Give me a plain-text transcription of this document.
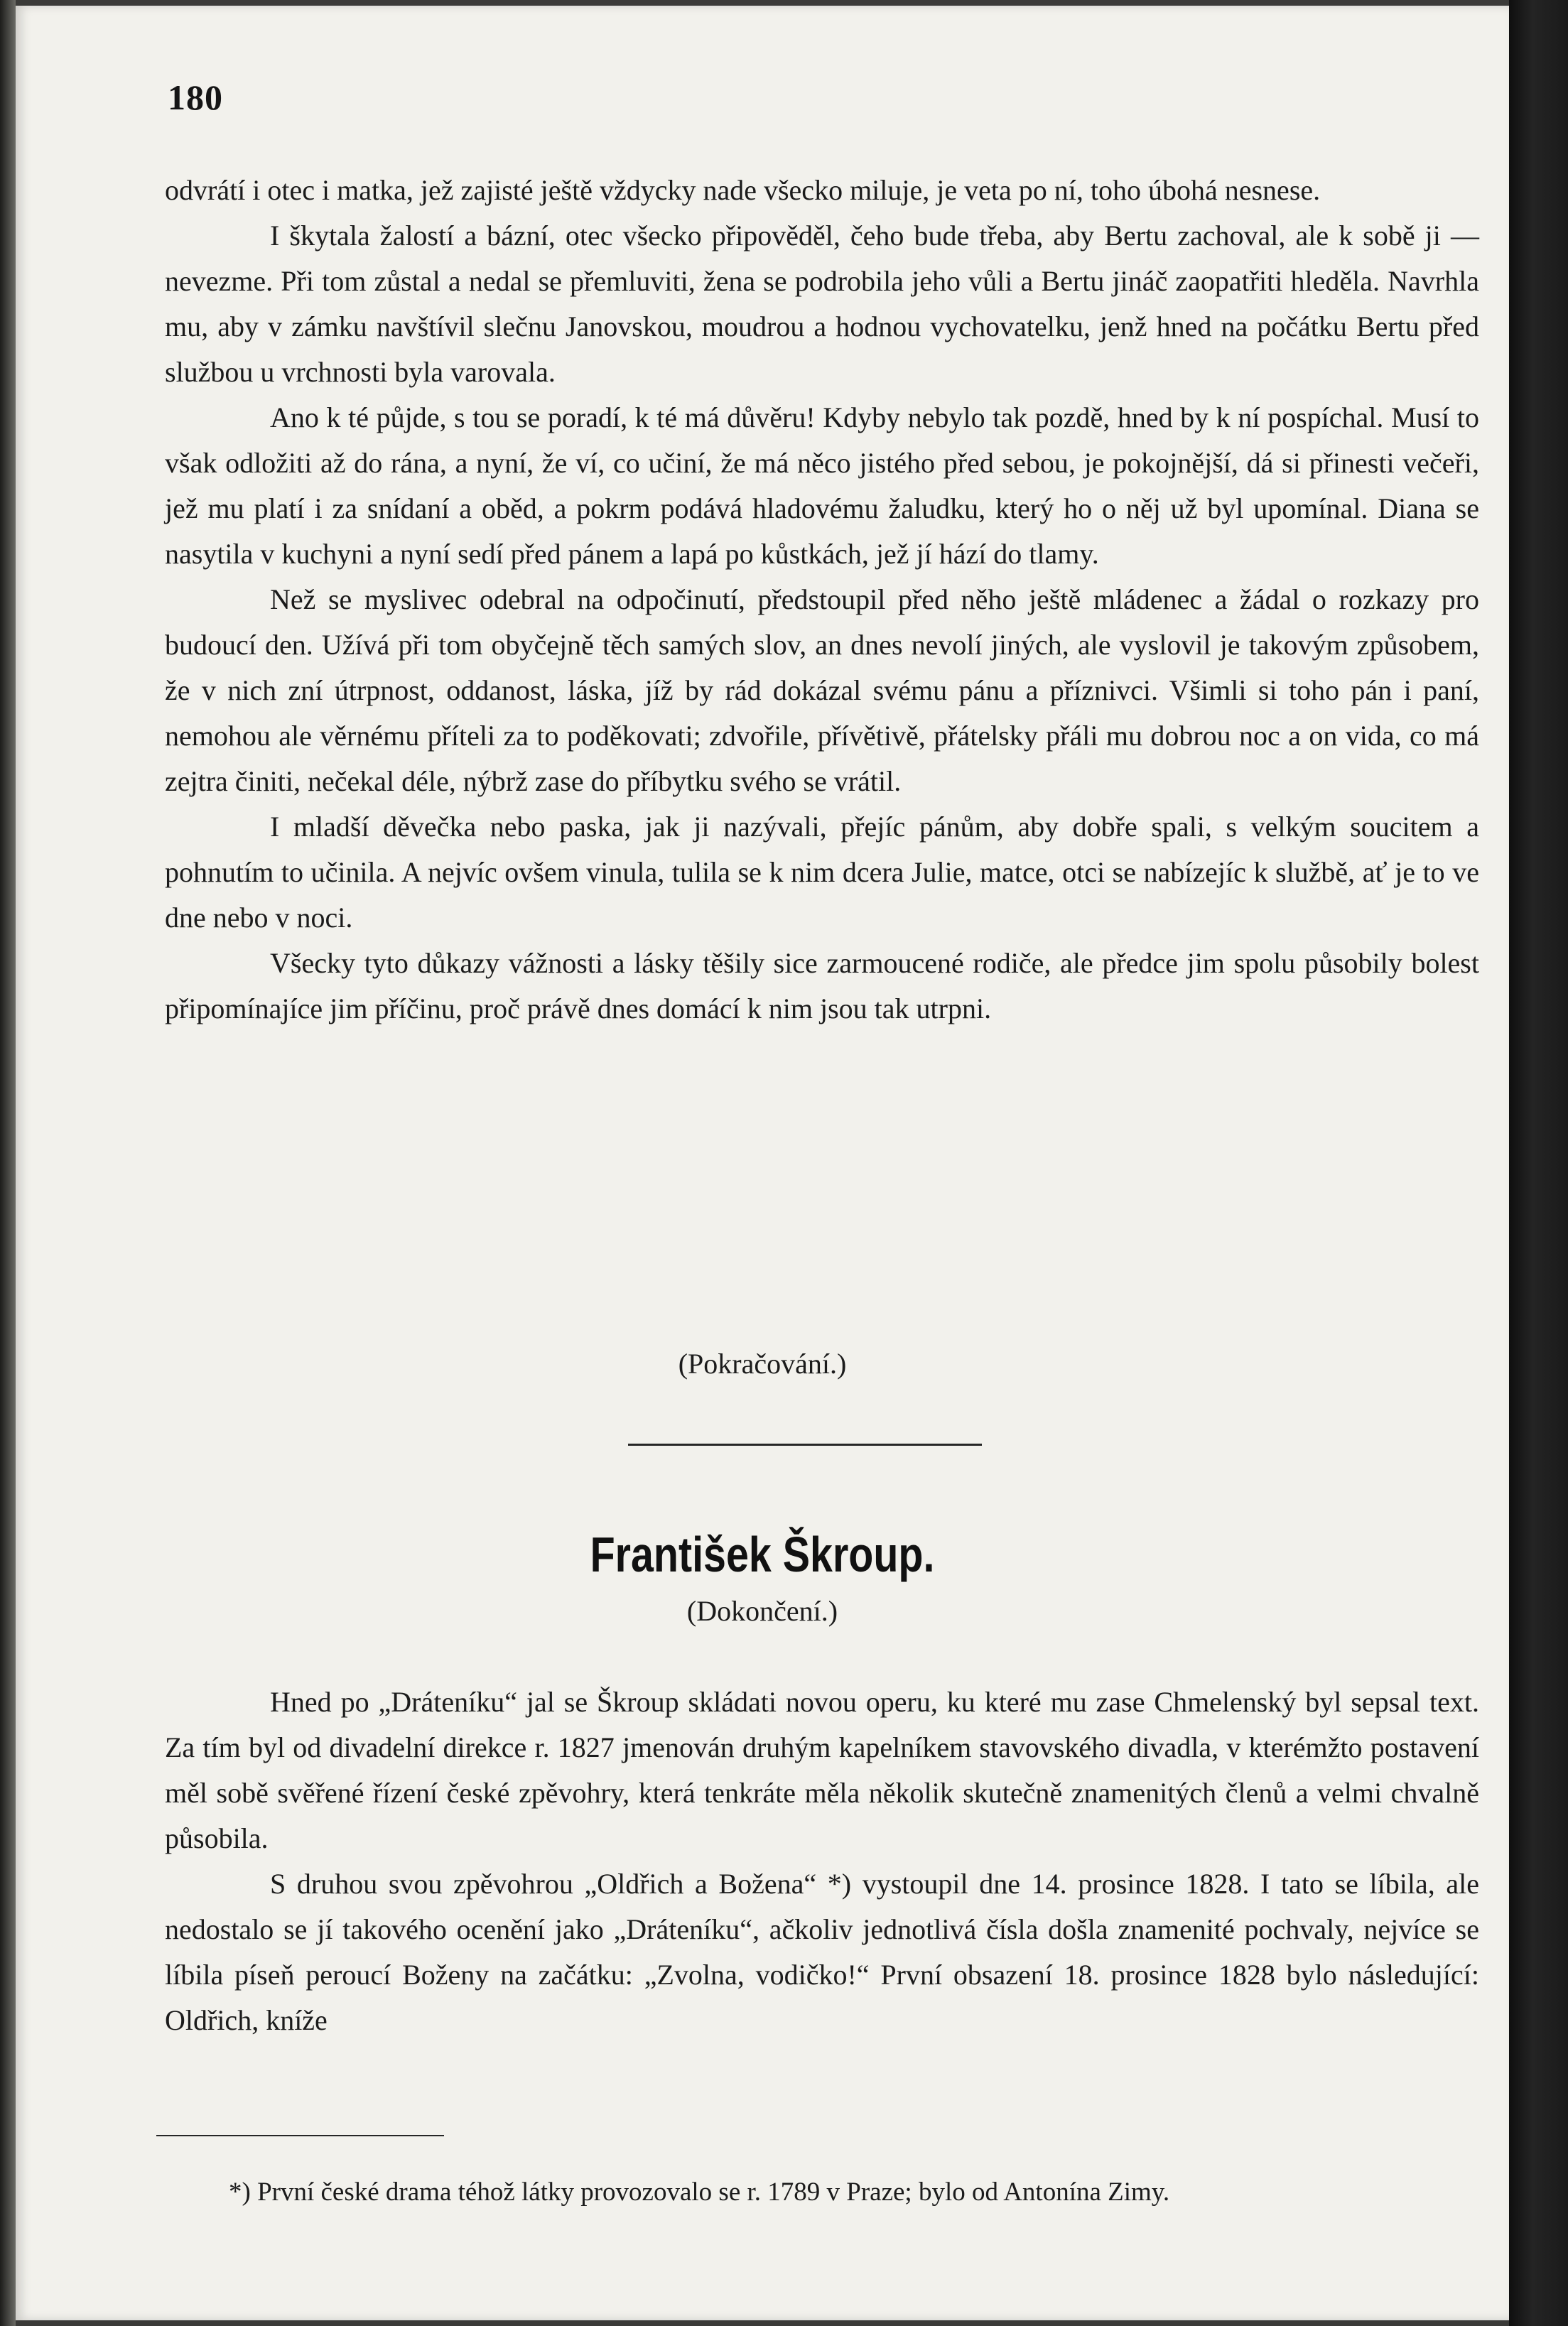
180

odvrátí i otec i matka, jež zajisté ještě vždycky nade všecko miluje, je veta po ní, toho úbohá nesnese.

I škytala žalostí a bázní, otec všecko připověděl, čeho bude třeba, aby Bertu zachoval, ale k sobě ji — nevezme. Při tom zůstal a nedal se přemluviti, žena se podrobila jeho vůli a Bertu jináč zaopatřiti hleděla. Navrhla mu, aby v zámku navštívil slečnu Janovskou, moudrou a hodnou vychovatelku, jenž hned na počátku Bertu před službou u vrchnosti byla varovala.

Ano k té půjde, s tou se poradí, k té má důvěru! Kdyby nebylo tak pozdě, hned by k ní pospíchal. Musí to však odložiti až do rána, a nyní, že ví, co učiní, že má něco jistého před sebou, je pokojnější, dá si přinesti večeři, jež mu platí i za snídaní a oběd, a pokrm podává hladovému žaludku, který ho o něj už byl upomínal. Diana se nasytila v kuchyni a nyní sedí před pánem a lapá po kůstkách, jež jí hází do tlamy.

Než se myslivec odebral na odpočinutí, předstoupil před něho ještě mládenec a žádal o rozkazy pro budoucí den. Užívá při tom obyčejně těch samých slov, an dnes nevolí jiných, ale vyslovil je takovým způsobem, že v nich zní útrpnost, oddanost, láska, jíž by rád dokázal svému pánu a příznivci. Všimli si toho pán i paní, nemohou ale věrnému příteli za to poděkovati; zdvořile, přívětivě, přátelsky přáli mu dobrou noc a on vida, co má zejtra činiti, nečekal déle, nýbrž zase do příbytku svého se vrátil.

I mladší děvečka nebo paska, jak ji nazývali, přejíc pánům, aby dobře spali, s velkým soucitem a pohnutím to učinila. A nejvíc ovšem vinula, tulila se k nim dcera Julie, matce, otci se nabízejíc k službě, ať je to ve dne nebo v noci.

Všecky tyto důkazy vážnosti a lásky těšily sice zarmoucené rodiče, ale předce jim spolu působily bolest připomínajíce jim příčinu, proč právě dnes domácí k nim jsou tak utrpni.

(Pokračování.)
František Škroup.
(Dokončení.)

Hned po „Dráteníku“ jal se Škroup skládati novou operu, ku které mu zase Chmelenský byl sepsal text. Za tím byl od divadelní direkce r. 1827 jmenován druhým kapelníkem stavovského divadla, v kterémžto postavení měl sobě svěřené řízení české zpěvohry, která tenkráte měla několik skutečně znamenitých členů a velmi chvalně působila.

S druhou svou zpěvohrou „Oldřich a Božena“ *) vystoupil dne 14. prosince 1828. I tato se líbila, ale nedostalo se jí takového ocenění jako „Dráteníku“, ačkoliv jednotlivá čísla došla znamenité pochvaly, nejvíce se líbila píseň peroucí Boženy na začátku: „Zvolna, vodičko!“ První obsazení 18. prosince 1828 bylo následující: Oldřich, kníže

*) První české drama téhož látky provozovalo se r. 1789 v Praze; bylo od Antonína Zimy.
